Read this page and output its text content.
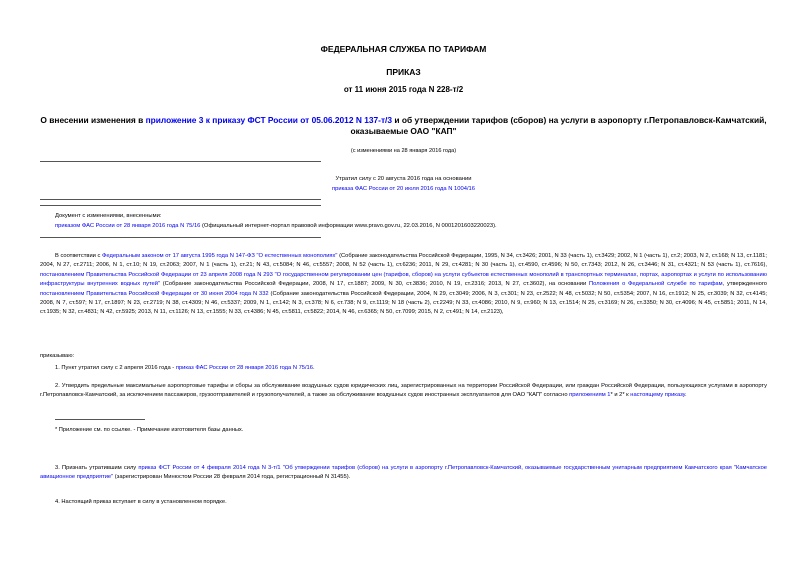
ФЕДЕРАЛЬНАЯ СЛУЖБА ПО ТАРИФАМ
ПРИКАЗ
от 11 июня 2015 года N 228-т/2
О внесении изменения в приложение 3 к приказу ФСТ России от 05.06.2012 N 137-т/3 и об утверждении тарифов (сборов) на услуги в аэропорту г.Петропавловск-Камчатский, оказываемые ОАО "КАП"
(с изменениями на 28 января 2016 года)
Утратил силу с 20 августа 2016 года на основании
приказа ФАС России от 20 июля 2016 года N 1004/16
Документ с изменениями, внесенными:
приказом ФАС России от 28 января 2016 года N 75/16 (Официальный интернет-портал правовой информации www.pravo.gov.ru, 22.03.2016, N 0001201603220023).
В соответствии с Федеральным законом от 17 августа 1995 года N 147-ФЗ "О естественных монополиях" (Собрание законодательства Российской Федерации, 1995, N 34, ст.3426; 2001, N 33 (часть 1), ст.3429; 2002, N 1 (часть 1), ст.2; 2003, N 2, ст.168; N 13, ст.1181; 2004, N 27, ст.2711; 2006, N 1, ст.10; N 19, ст.2063; 2007, N 1 (часть 1), ст.21; N 43, ст.5084; N 46, ст.5557; 2008, N 52 (часть 1), ст.6236; 2011, N 29, ст.4281; N 30 (часть 1), ст.4590, ст.4596; N 50, ст.7343; 2012, N 26, ст.3446; N 31, ст.4321; N 53 (часть 1), ст.7616), постановлением Правительства Российской Федерации от 23 апреля 2008 года N 293 "О государственном регулировании цен (тарифов, сборов) на услуги субъектов естественных монополий в транспортных терминалах, портах, аэропортах и услуги по использованию инфраструктуры внутренних водных путей" (Собрание законодательства Российской Федерации, 2008, N 17, ст.1887; 2009, N 30, ст.3836; 2010, N 19, ст.2316; 2013, N 27, ст.3602), на основании Положения о Федеральной службе по тарифам, утвержденного постановлением Правительства Российской Федерации от 30 июня 2004 года N 332 (Собрание законодательства Российской Федерации, 2004, N 29, ст.3049; 2006, N 3, ст.301; N 23, ст.2522; N 48, ст.5032; N 50, ст.5354; 2007, N 16, ст.1912; N 25, ст.3039; N 32, ст.4145; 2008, N 7, ст.597; N 17, ст.1897; N 23, ст.2719; N 38, ст.4309; N 46, ст.5337; 2009, N 1, ст.142; N 3, ст.378; N 6, ст.738; N 9, ст.1119; N 18 (часть 2), ст.2249; N 33, ст.4086; 2010, N 9, ст.960; N 13, ст.1514; N 25, ст.3169; N 26, ст.3350; N 30, ст.4096; N 45, ст.5851; 2011, N 14, ст.1935; N 32, ст.4831; N 42, ст.5925; 2013, N 11, ст.1126; N 13, ст.1555; N 33, ст.4386; N 45, ст.5811, ст.5822; 2014, N 46, ст.6365; N 50, ст.7099; 2015, N 2, ст.491; N 14, ст.2123),
приказываю:
1. Пункт утратил силу с 2 апреля 2016 года - приказ ФАС России от 28 января 2016 года N 75/16.
2. Утвердить предельные максимальные аэропортовые тарифы и сборы за обслуживание воздушных судов юридических лиц, зарегистрированных на территории Российской Федерации, или граждан Российской Федерации, пользующихся услугами в аэропорту г.Петропавловск-Камчатский, за исключением пассажиров, грузоотправителей и грузополучателей, а также за обслуживание воздушных судов иностранных эксплуатантов для ОАО "КАП" согласно приложениям 1* и 2* к настоящему приказу.
* Приложение см. по ссылке. - Примечание изготовителя базы данных.
3. Признать утратившим силу приказ ФСТ России от 4 февраля 2014 года N 3-т/1 "Об утверждении тарифов (сборов) на услуги в аэропорту г.Петропавловск-Камчатский, оказываемые государственным унитарным предприятием Камчатского края "Камчатское авиационное предприятие" (зарегистрирован Минюстом России 28 февраля 2014 года, регистрационный N 31455).
4. Настоящий приказ вступает в силу в установленном порядке.
